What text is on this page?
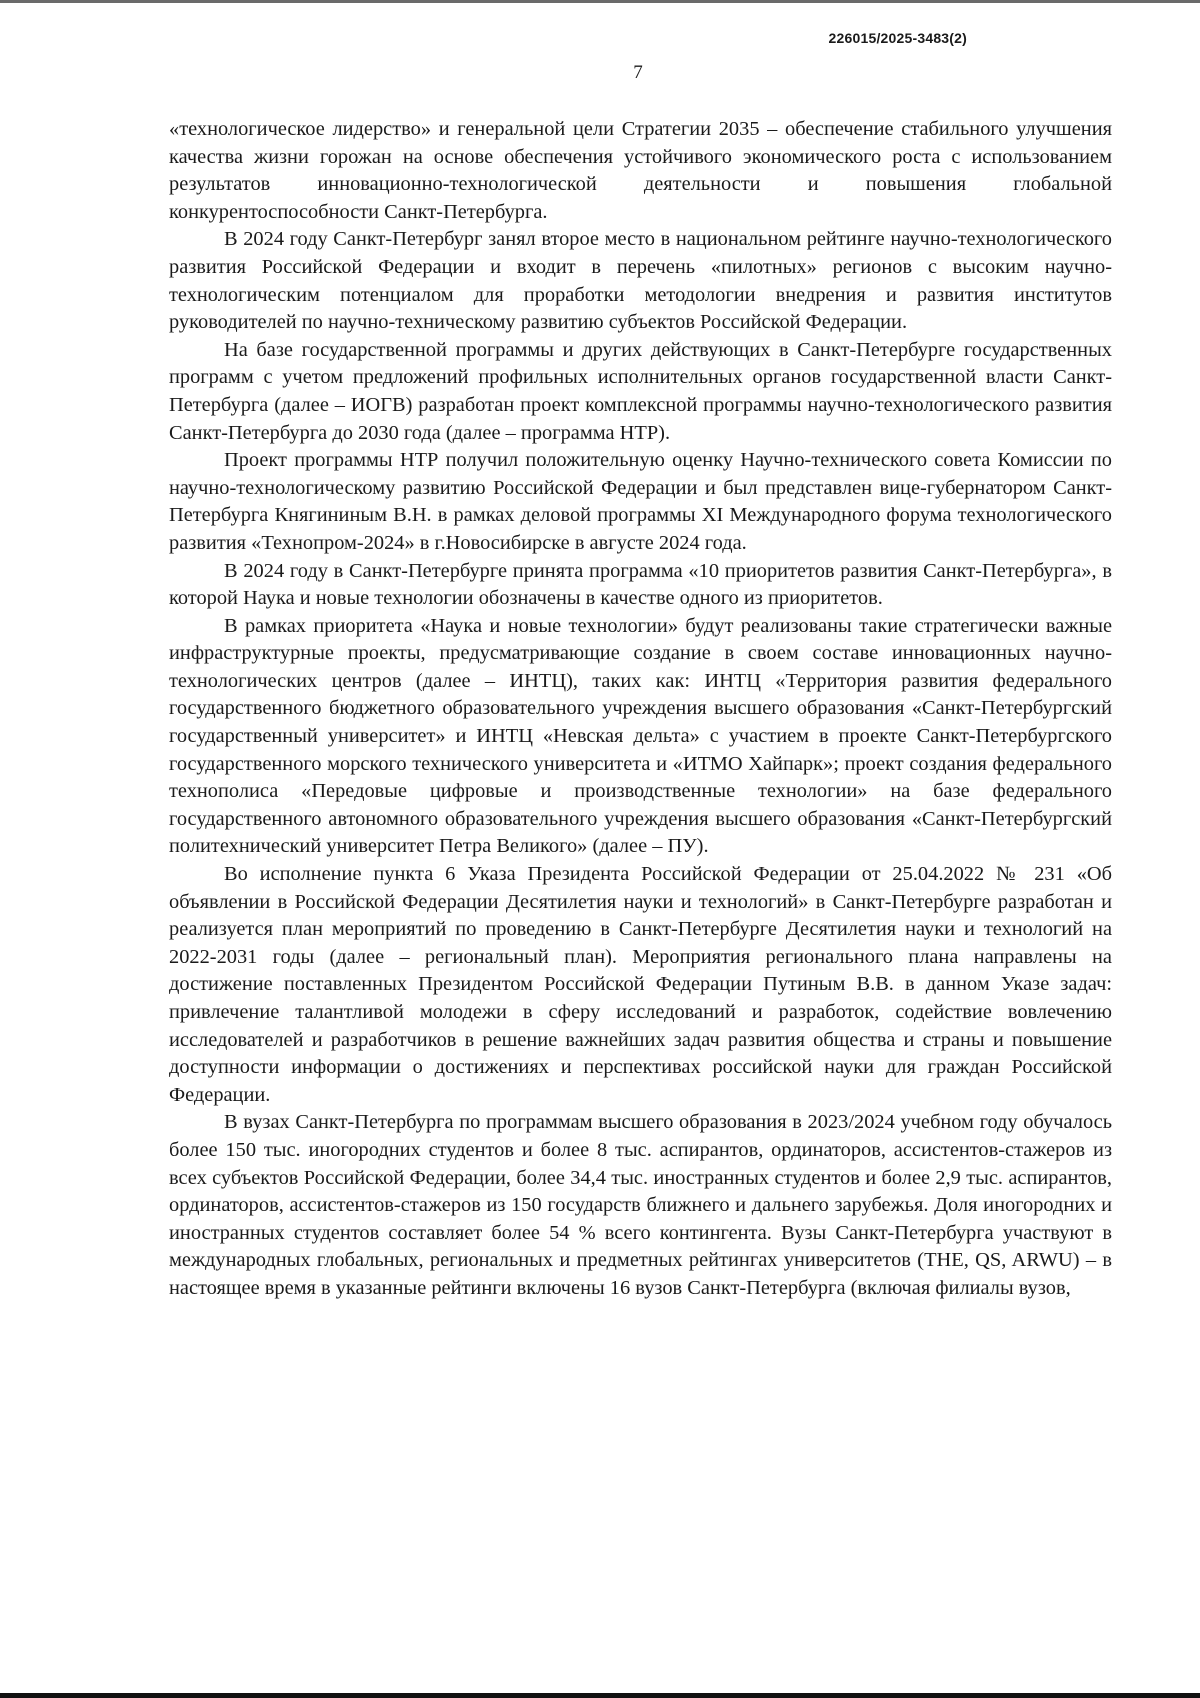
226015/2025-3483(2)
7

«технологическое лидерство» и генеральной цели Стратегии 2035 – обеспечение стабильного улучшения качества жизни горожан на основе обеспечения устойчивого экономического роста с использованием результатов инновационно-технологической деятельности и повышения глобальной конкурентоспособности Санкт-Петербурга.

В 2024 году Санкт-Петербург занял второе место в национальном рейтинге научно-технологического развития Российской Федерации и входит в перечень «пилотных» регионов с высоким научно-технологическим потенциалом для проработки методологии внедрения и развития институтов руководителей по научно-техническому развитию субъектов Российской Федерации.

На базе государственной программы и других действующих в Санкт-Петербурге государственных программ с учетом предложений профильных исполнительных органов государственной власти Санкт-Петербурга (далее – ИОГВ) разработан проект комплексной программы научно-технологического развития Санкт-Петербурга до 2030 года (далее – программа НТР).

Проект программы НТР получил положительную оценку Научно-технического совета Комиссии по научно-технологическому развитию Российской Федерации и был представлен вице-губернатором Санкт-Петербурга Княгининым В.Н. в рамках деловой программы XI Международного форума технологического развития «Технопром-2024» в г.Новосибирске в августе 2024 года.

В 2024 году в Санкт-Петербурге принята программа «10 приоритетов развития Санкт-Петербурга», в которой Наука и новые технологии обозначены в качестве одного из приоритетов.

В рамках приоритета «Наука и новые технологии» будут реализованы такие стратегически важные инфраструктурные проекты, предусматривающие создание в своем составе инновационных научно-технологических центров (далее – ИНТЦ), таких как: ИНТЦ «Территория развития федерального государственного бюджетного образовательного учреждения высшего образования «Санкт-Петербургский государственный университет» и ИНТЦ «Невская дельта» с участием в проекте Санкт-Петербургского государственного морского технического университета и «ИТМО Хайпарк»; проект создания федерального технополиса «Передовые цифровые и производственные технологии» на базе федерального государственного автономного образовательного учреждения высшего образования «Санкт-Петербургский политехнический университет Петра Великого» (далее – ПУ).

Во исполнение пункта 6 Указа Президента Российской Федерации от 25.04.2022 № 231 «Об объявлении в Российской Федерации Десятилетия науки и технологий» в Санкт-Петербурге разработан и реализуется план мероприятий по проведению в Санкт-Петербурге Десятилетия науки и технологий на 2022-2031 годы (далее – региональный план). Мероприятия регионального плана направлены на достижение поставленных Президентом Российской Федерации Путиным В.В. в данном Указе задач: привлечение талантливой молодежи в сферу исследований и разработок, содействие вовлечению исследователей и разработчиков в решение важнейших задач развития общества и страны и повышение доступности информации о достижениях и перспективах российской науки для граждан Российской Федерации.

В вузах Санкт-Петербурга по программам высшего образования в 2023/2024 учебном году обучалось более 150 тыс. иногородних студентов и более 8 тыс. аспирантов, ординаторов, ассистентов-стажеров из всех субъектов Российской Федерации, более 34,4 тыс. иностранных студентов и более 2,9 тыс. аспирантов, ординаторов, ассистентов-стажеров из 150 государств ближнего и дальнего зарубежья. Доля иногородних и иностранных студентов составляет более 54 % всего контингента. Вузы Санкт-Петербурга участвуют в международных глобальных, региональных и предметных рейтингах университетов (THE, QS, ARWU) – в настоящее время в указанные рейтинги включены 16 вузов Санкт-Петербурга (включая филиалы вузов,
